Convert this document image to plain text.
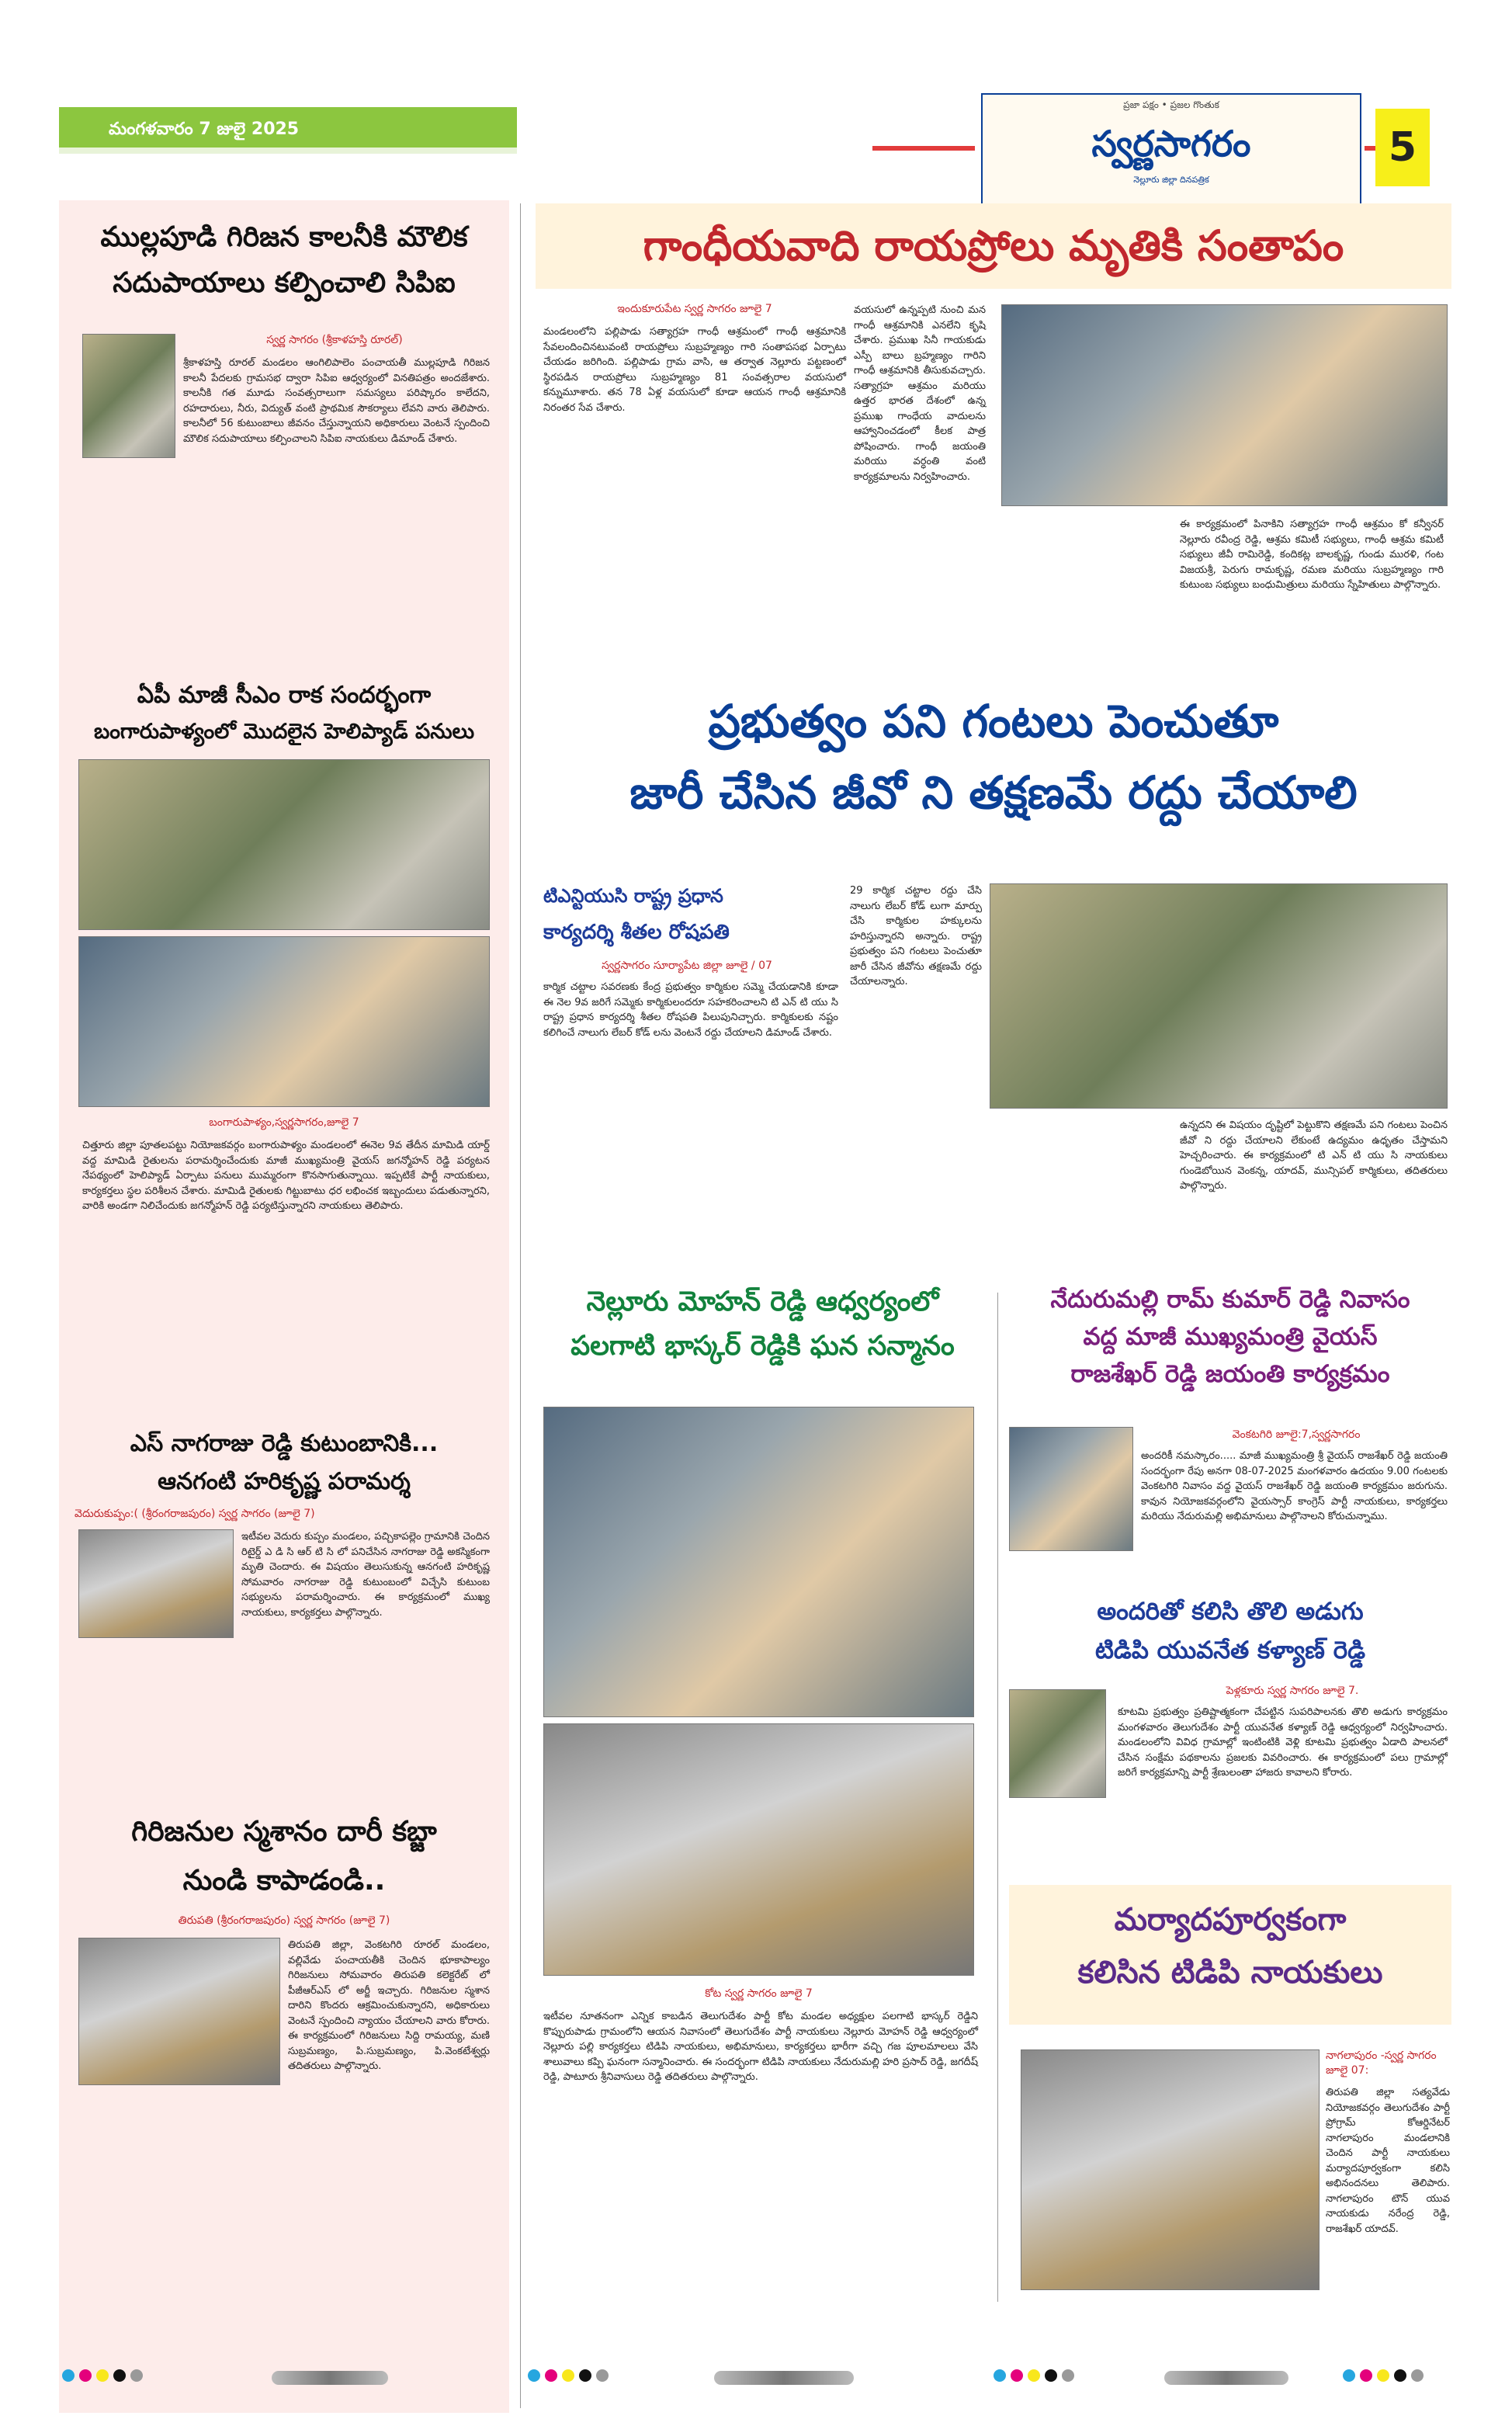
మంగళవారం 7 జులై 2025
ప్రజా పక్షం • ప్రజల గొంతుక
స్వర్ణసాగరం
నెల్లూరు జిల్లా దినపత్రిక
5
ముల్లపూడి గిరిజన కాలనీకి మౌలిక
సదుపాయాలు కల్పించాలి సిపిఐ
స్వర్ణ సాగరం (శ్రీకాళహస్తి రూరల్)

శ్రీకాళహస్తి రూరల్ మండలం ఆంగిలిపాలెం పంచాయతీ ముల్లపూడి గిరిజన కాలనీ పేదలకు గ్రామసభ ద్వారా సిపిఐ ఆధ్వర్యంలో వినతిపత్రం అందజేశారు. కాలనీకి గత మూడు సంవత్సరాలుగా సమస్యలు పరిష్కారం కాలేదని, రహదారులు, నీరు, విద్యుత్ వంటి ప్రాథమిక సౌకర్యాలు లేవని వారు తెలిపారు. కాలనీలో 56 కుటుంబాలు జీవనం చేస్తున్నాయని అధికారులు వెంటనే స్పందించి మౌలిక సదుపాయాలు కల్పించాలని సిపిఐ నాయకులు డిమాండ్ చేశారు.

ఏపీ మాజీ సీఎం రాక సందర్భంగా
బంగారుపాళ్యంలో మొదలైన హెలిప్యాడ్ పనులు
బంగారుపాళ్యం,స్వర్ణసాగరం,జూలై 7

చిత్తూరు జిల్లా పూతలపట్టు నియోజకవర్గం బంగారుపాళ్యం మండలంలో ఈనెల 9వ తేదీన మామిడి యార్డ్ వద్ద మామిడి రైతులను పరామర్శించేందుకు మాజీ ముఖ్యమంత్రి వైయస్ జగన్మోహన్ రెడ్డి పర్యటన నేపథ్యంలో హెలిప్యాడ్ ఏర్పాటు పనులు ముమ్మరంగా కొనసాగుతున్నాయి. ఇప్పటికే పార్టీ నాయకులు, కార్యకర్తలు స్థల పరిశీలన చేశారు. మామిడి రైతులకు గిట్టుబాటు ధర లభించక ఇబ్బందులు పడుతున్నారని, వారికి అండగా నిలిచేందుకు జగన్మోహన్ రెడ్డి పర్యటిస్తున్నారని నాయకులు తెలిపారు.

ఎస్ నాగరాజు రెడ్డి కుటుంబానికి...
ఆనగంటి హరికృష్ణ పరామర్శ
వెదురుకుప్పం:( (శ్రీరంగరాజపురం) స్వర్ణ సాగరం (జూలై 7)

ఇటీవల వెదురు కుప్పం మండలం, పచ్చికాపల్లెం గ్రామానికి చెందిన రిటైర్డ్ ఎ డి సి ఆర్ టి సి లో పనిచేసిన నాగరాజు రెడ్డి అకస్మికంగా మృతి చెందారు. ఈ విషయం తెలుసుకున్న ఆనగంటి హరికృష్ణ సోమవారం నాగరాజు రెడ్డి కుటుంబంలో విచ్చేసి కుటుంబ సభ్యులను పరామర్శించారు. ఈ కార్యక్రమంలో ముఖ్య నాయకులు, కార్యకర్తలు పాల్గొన్నారు.

గిరిజనుల స్మశానం దారీ కబ్జా
నుండి కాపాడండి..
తిరుపతి (శ్రీరంగరాజపురం) స్వర్ణ సాగరం (జూలై 7)

తిరుపతి జిల్లా, వెంకటగిరి రూరల్ మండలం, వల్లివేడు పంచాయతీకి చెందిన భూకాపాల్యం గిరిజనులు సోమవారం తిరుపతి కలెక్టరేట్ లో పీజీఆర్ఎస్ లో అర్జీ ఇచ్చారు. గిరిజనుల స్మశాన దారిని కొందరు ఆక్రమించుకున్నారని, అధికారులు వెంటనే స్పందించి న్యాయం చేయాలని వారు కోరారు. ఈ కార్యక్రమంలో గిరిజనులు సిద్ది రామయ్య, మణి సుబ్రమణ్యం, పి.సుబ్రమణ్యం, పి.వెంకటేశ్వర్లు తదితరులు పాల్గొన్నారు.

గాంధీయవాది రాయప్రోలు మృతికి సంతాపం
ఇందుకూరుపేట స్వర్ణ సాగరం జూలై 7

మండలంలోని పల్లిపాడు సత్యాగ్రహ గాంధీ ఆశ్రమంలో గాంధీ ఆశ్రమానికి సేవలందించినటువంటి రాయప్రోలు సుబ్రహ్మణ్యం గారి సంతాపసభ ఏర్పాటు చేయడం జరిగింది. పల్లిపాడు గ్రామ వాసి, ఆ తర్వాత నెల్లూరు పట్టణంలో స్థిరపడిన రాయప్రోలు సుబ్రహ్మణ్యం 81 సంవత్సరాల వయసులో కన్నుమూశారు. తన 78 ఏళ్ల వయసులో కూడా ఆయన గాంధీ ఆశ్రమానికి నిరంతర సేవ చేశారు.

వయసులో ఉన్నప్పటి నుంచి మన గాంధీ ఆశ్రమానికి ఎనలేని కృషి చేశారు. ప్రముఖ సినీ గాయకుడు ఎస్పీ బాలు బ్రహ్మణ్యం గారిని గాంధీ ఆశ్రమానికి తీసుకువచ్చారు. సత్యాగ్రహ ఆశ్రమం మరియు ఉత్తర భారత దేశంలో ఉన్న ప్రముఖ గాంధేయ వాదులను ఆహ్వానించడంలో కీలక పాత్ర పోషించారు. గాంధీ జయంతి మరియు వర్ధంతి వంటి కార్యక్రమాలను నిర్వహించారు.

ఈ కార్యక్రమంలో పినాకిని సత్యాగ్రహ గాంధీ ఆశ్రమం కో కన్వీనర్ నెల్లూరు రవీంద్ర రెడ్డి, ఆశ్రమ కమిటీ సభ్యులు, గాంధీ ఆశ్రమ కమిటీ సభ్యులు జీవీ రామిరెడ్డి, కందికట్ల బాలకృష్ణ, గుండు మురళి, గంట విజయశ్రీ, పెరుగు రామకృష్ణ, రమణ మరియు సుబ్రహ్మణ్యం గారి కుటుంబ సభ్యులు బంధుమిత్రులు మరియు స్నేహితులు పాల్గొన్నారు.

ప్రభుత్వం పని గంటలు పెంచుతూ
జారీ చేసిన జీవో ని తక్షణమే రద్దు చేయాలి
టిఎన్టియుసి రాష్ట్ర ప్రధాన
కార్యదర్శి శీతల రోషపతి
స్వర్ణసాగరం సూర్యాపేట జిల్లా జూలై / 07

కార్మిక చట్టాల సవరణకు కేంద్ర ప్రభుత్వం కార్మికుల సమ్మె చేయడానికి కూడా ఈ నెల 9వ జరిగే సమ్మెకు కార్మికులందరూ సహకరించాలని టి ఎన్ టి యు సి రాష్ట్ర ప్రధాన కార్యదర్శి శీతల రోషపతి పిలుపునిచ్చారు. కార్మికులకు నష్టం కలిగించే నాలుగు లేబర్ కోడ్ లను వెంటనే రద్దు చేయాలని డిమాండ్ చేశారు.

29 కార్మిక చట్టాల రద్దు చేసి నాలుగు లేబర్ కోడ్ లుగా మార్పు చేసి కార్మికుల హక్కులను హరిస్తున్నారని అన్నారు. రాష్ట్ర ప్రభుత్వం పని గంటలు పెంచుతూ జారీ చేసిన జీవోను తక్షణమే రద్దు చేయాలన్నారు.

ఉన్నదని ఈ విషయం దృష్టిలో పెట్టుకొని తక్షణమే పని గంటలు పెంచిన జీవో ని రద్దు చేయాలని లేకుంటే ఉద్యమం ఉధృతం చేస్తామని హెచ్చరించారు. ఈ కార్యక్రమంలో టి ఎన్ టి యు సి నాయకులు గుండెబోయిన వెంకన్న, యాదవ్, మున్సిపల్ కార్మికులు, తదితరులు పాల్గొన్నారు.

నెల్లూరు మోహన్ రెడ్డి ఆధ్వర్యంలో
పలగాటి భాస్కర్ రెడ్డికి ఘన సన్మానం
కోట స్వర్ణ సాగరం జూలై 7

ఇటీవల నూతనంగా ఎన్నిక కాబడిన తెలుగుదేశం పార్టీ కోట మండల అధ్యక్షుల పలగాటి భాస్కర్ రెడ్డిని కొప్పురుపాడు గ్రామంలోని ఆయన నివాసంలో తెలుగుదేశం పార్టీ నాయకులు నెల్లూరు మోహన్ రెడ్డి ఆధ్వర్యంలో నెల్లూరు పల్లి కార్యకర్తలు టిడిపి నాయకులు, అభిమానులు, కార్యకర్తలు భారీగా వచ్చి గజ పూలమాలలు వేసి శాలువాలు కప్పి ఘనంగా సన్మానించారు. ఈ సందర్భంగా టిడిపి నాయకులు నేదురుమల్లి హరి ప్రసాద్ రెడ్డి, జగదీష్ రెడ్డి, పాటూరు శ్రీనివాసులు రెడ్డి తదితరులు పాల్గొన్నారు.

నేదురుమల్లి రామ్ కుమార్ రెడ్డి నివాసం
వద్ద మాజీ ముఖ్యమంత్రి వైయస్
రాజశేఖర్ రెడ్డి జయంతి కార్యక్రమం
వెంకటగిరి జూలై:7,స్వర్ణసాగరం

అందరికీ నమస్కారం..... మాజీ ముఖ్యమంత్రి శ్రీ వైయస్ రాజశేఖర్ రెడ్డి జయంతి సందర్భంగా రేపు అనగా 08-07-2025 మంగళవారం ఉదయం 9.00 గంటలకు వెంకటగిరి నివాసం వద్ద వైయస్ రాజశేఖర్ రెడ్డి జయంతి కార్యక్రమం జరుగును. కావున నియోజకవర్గంలోని వైయస్సార్ కాంగ్రెస్ పార్టీ నాయకులు, కార్యకర్తలు మరియు నేదురుమల్లి అభిమానులు పాల్గొనాలని కోరుచున్నాము.

అందరితో కలిసి తొలి అడుగు
టిడిపి యువనేత కళ్యాణ్ రెడ్డి
పెళ్లకూరు స్వర్ణ సాగరం జూలై 7.

కూటమి ప్రభుత్వం ప్రతిష్టాత్మకంగా చేపట్టిన సుపరిపాలనకు తొలి అడుగు కార్యక్రమం మంగళవారం తెలుగుదేశం పార్టీ యువనేత కళ్యాణ్ రెడ్డి ఆధ్వర్యంలో నిర్వహించారు. మండలంలోని వివిధ గ్రామాల్లో ఇంటింటికి వెళ్లి కూటమి ప్రభుత్వం ఏడాది పాలనలో చేసిన సంక్షేమ పథకాలను ప్రజలకు వివరించారు. ఈ కార్యక్రమంలో పలు గ్రామాల్లో జరిగే కార్యక్రమాన్ని పార్టీ శ్రేణులంతా హాజరు కావాలని కోరారు.

మర్యాదపూర్వకంగా
కలిసిన టిడిపి నాయకులు
నాగలాపురం -స్వర్ణ సాగరం జూలై 07:

తిరుపతి జిల్లా సత్యవేడు నియోజకవర్గం తెలుగుదేశం పార్టీ ప్రోగ్రామ్ కోఆర్డినేటర్ నాగలాపురం మండలానికి చెందిన పార్టీ నాయకులు మర్యాదపూర్వకంగా కలిసి అభినందనలు తెలిపారు. నాగలాపురం టౌన్ యువ నాయకుడు నరేంద్ర రెడ్డి, రాజశేఖర్ యాదవ్.
